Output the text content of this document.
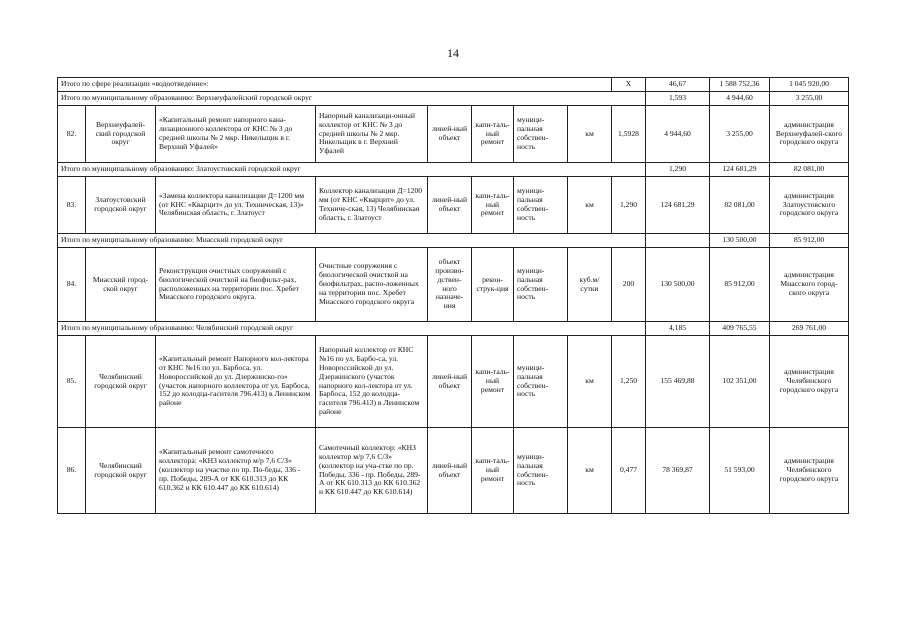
14
Итого по сфере реализации «водоотведение»:								X	46,67	1 588 752,36	1 045 920,00	
Итого по муниципальному образованию: Верхнеуфалейский городской округ									1,593	4 944,60	3 255,00	
82.	Верхнеуфалей-ский городской округ	«Капитальный ремонт напорного кана-лизационного коллектора от КНС № 3 до средней школы № 2 мкр. Никельщик в г. Верхний Уфалей»	Напорный канализаци-онный коллектор от КНС № 3 до средней школы № 2 мкр. Никельщик в г. Верхний Уфалей	линей-ный объект	капи-таль-ный ремонт	муници-пальная собствен-ность	км	1,5928	4 944,60	3 255,00	администрация Верхнеуфалей-ского городского округа	
Итого по муниципальному образованию: Златоустовский городской округ									1,290	124 681,29	82 081,00	
83.	Златоустовский городской округ	«Замена коллектора канализации Д=1200 мм (от КНС «Кварцит» до ул. Техническая, 13)» Челябинская область, г. Златоуст	Коллектор канализации Д=1200 мм (от КНС «Кварцит» до ул. Техниче-ская, 13) Челябинская область, г. Златоуст	линей-ный объект	капи-таль-ный ремонт	муници-пальная собствен-ность	км	1,290	124 681,29	82 081,00	администрация Златоустовского городского округа	
Итого по муниципальному образованию: Миасский городской округ										130 500,00	85 912,00	
84.	Миасский город-ской округ	Реконструкция очистных сооружений с биологической очисткой на биофильт-рах, расположенных на территории пос. Хребет Миасского городского округа.	Очистные сооружения с биологической очисткой на биофильтрах, распо-ложенных на территории пос. Хребет Миасского городского округа	объект произво-дствен-ного назначе-ния	рекон-струк-ция	муници-пальная собствен-ность	куб.м/ сутки	200	130 500,00	85 912,00	администрация Миасского город-ского округа	
Итого по муниципальному образованию: Челябинский городской округ									4,185	409 765,55	269 761,00	
85.	Челябинский городской округ	«Капитальный ремонт Напорного кол-лектора от КНС №16 по ул. Барбоса, ул. Новороссийской до ул. Дзержинско-го» (участок напорного коллектора от ул. Барбоса, 152 до колодца-гасителя 796.413) в Ленинском районе	Напорный коллектор от КНС №16 по ул. Барбо-са, ул. Новороссийской до ул. Дзержинского (участок напорного кол-лектора от ул. Барбоса, 152 до колодца-гасителя 796.413) в Ленинском районе	линей-ный объект	капи-таль-ный ремонт	муници-пальная собствен-ность	км	1,250	155 469,88	102 351,00	администрация Челябинского городского округа	
86.	Челябинский городской округ	«Капитальный ремонт самотечного коллектора: «КНЗ коллектор м/р 7,6 С/З» (коллектор на участке по пр. По-беды, 336 - пр. Победы, 289-А от КК 610.313 до КК 610.362 и КК 610.447 до КК 610.614)	Самотечный коллектор: «КНЗ коллектор м/р 7,6 С/З» (коллектор на уча-стке по пр. Победы, 336 - пр. Победы, 289-А от КК 610.313 до КК 610.362 и КК 610.447 до КК 610.614)	линей-ный объект	капи-таль-ный ремонт	муници-пальная собствен-ность	км	0,477	78 369,87	51 593,00	администрация Челябинского городского округа	
